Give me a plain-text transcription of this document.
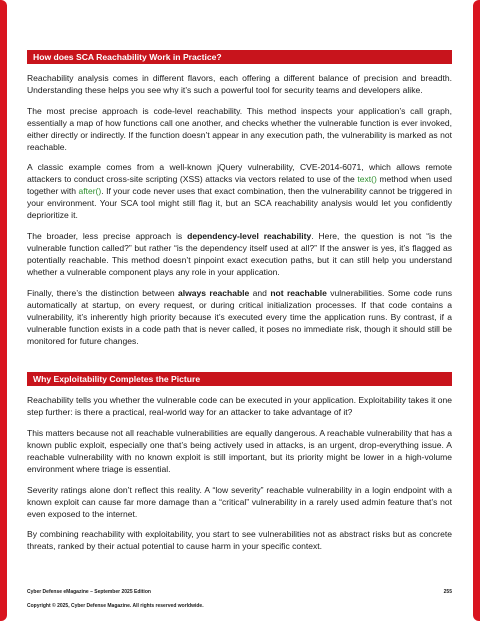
How does SCA Reachability Work in Practice?

Reachability analysis comes in different flavors, each offering a different balance of precision and breadth. Understanding these helps you see why it’s such a powerful tool for security teams and developers alike.

The most precise approach is code-level reachability. This method inspects your application’s call graph, essentially a map of how functions call one another, and checks whether the vulnerable function is ever invoked, either directly or indirectly. If the function doesn’t appear in any execution path, the vulnerability is marked as not reachable.

A classic example comes from a well-known jQuery vulnerability, CVE-2014-6071, which allows remote attackers to conduct cross-site scripting (XSS) attacks via vectors related to use of the text() method when used together with after(). If your code never uses that exact combination, then the vulnerability cannot be triggered in your environment. Your SCA tool might still flag it, but an SCA reachability analysis would let you confidently deprioritize it.

The broader, less precise approach is dependency-level reachability. Here, the question is not “is the vulnerable function called?” but rather “is the dependency itself used at all?” If the answer is yes, it’s flagged as potentially reachable. This method doesn’t pinpoint exact execution paths, but it can still help you understand whether a vulnerable component plays any role in your application.

Finally, there’s the distinction between always reachable and not reachable vulnerabilities. Some code runs automatically at startup, on every request, or during critical initialization processes. If that code contains a vulnerability, it’s inherently high priority because it’s executed every time the application runs. By contrast, if a vulnerable function exists in a code path that is never called, it poses no immediate risk, though it should still be monitored for future changes.

Why Exploitability Completes the Picture

Reachability tells you whether the vulnerable code can be executed in your application. Exploitability takes it one step further: is there a practical, real-world way for an attacker to take advantage of it?

This matters because not all reachable vulnerabilities are equally dangerous. A reachable vulnerability that has a known public exploit, especially one that’s being actively used in attacks, is an urgent, drop-everything issue. A reachable vulnerability with no known exploit is still important, but its priority might be lower in a high-volume environment where triage is essential.

Severity ratings alone don’t reflect this reality. A “low severity” reachable vulnerability in a login endpoint with a known exploit can cause far more damage than a “critical” vulnerability in a rarely used admin feature that’s not even exposed to the internet.

By combining reachability with exploitability, you start to see vulnerabilities not as abstract risks but as concrete threats, ranked by their actual potential to cause harm in your specific context.

Cyber Defense eMagazine – September 2025 Edition	255
Copyright © 2025, Cyber Defense Magazine. All rights reserved worldwide.
